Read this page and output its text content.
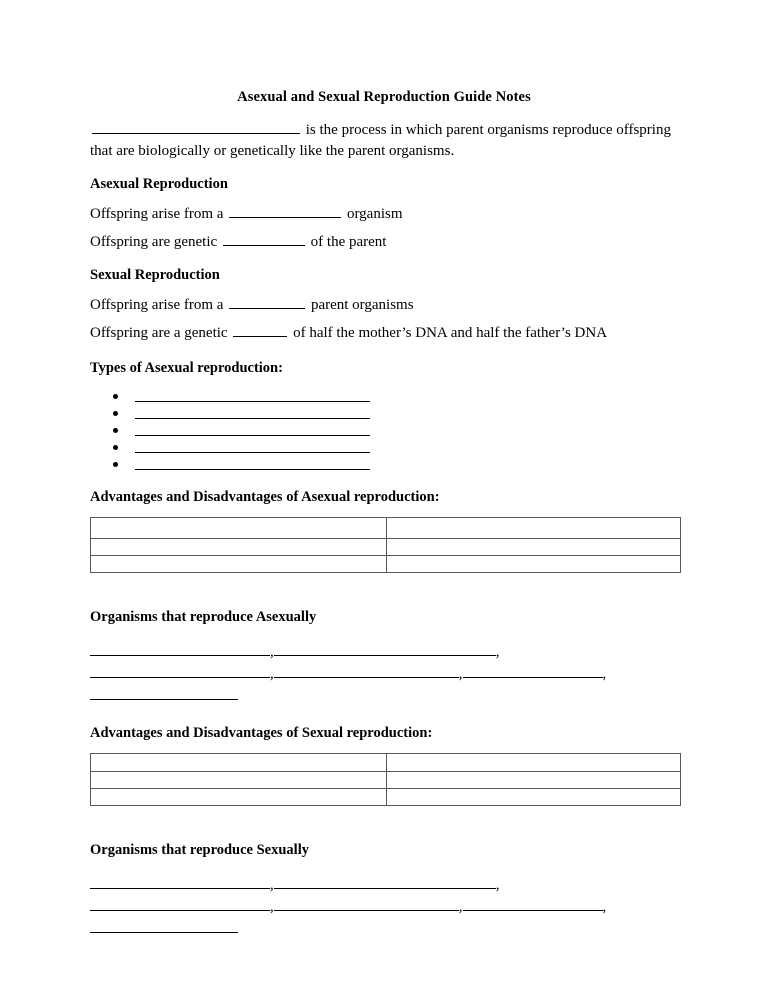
Asexual and Sexual Reproduction Guide Notes

is the process in which parent organisms reproduce offspring that are biologically or genetically like the parent organisms.

Asexual Reproduction

Offspring arise from a	organism

Offspring are genetic	of the parent

Sexual Reproduction

Offspring arise from a	parent organisms

Offspring are a genetic	of half the mother’s DNA and half the father’s DNA

Types of Asexual reproduction:
Advantages and Disadvantages of Asexual reproduction:

Organisms that reproduce Asexually
,	,
,	,	,
Advantages and Disadvantages of Sexual reproduction:

Organisms that reproduce Sexually
,	,
,	,	,
